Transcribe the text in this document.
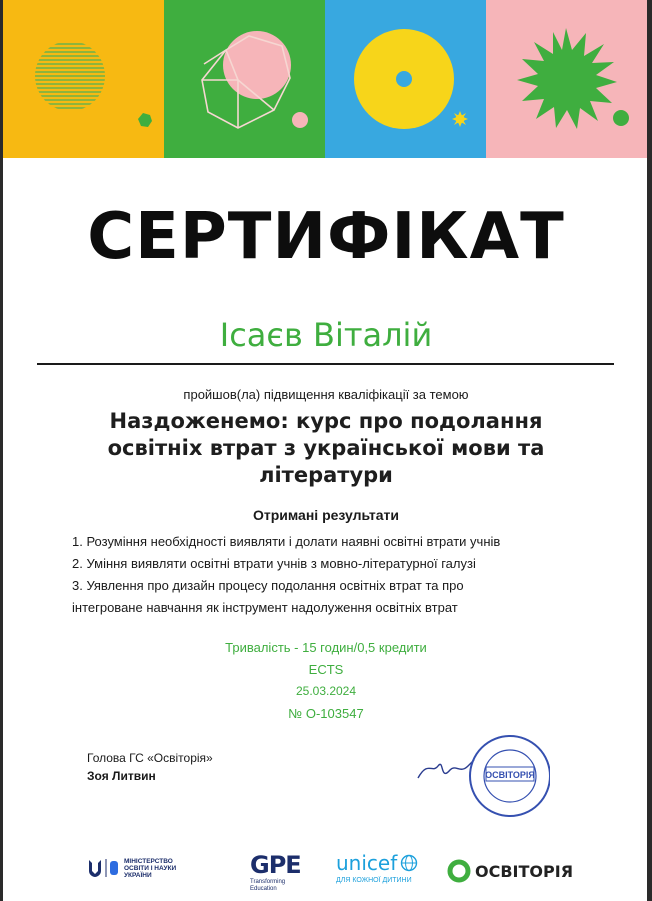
СЕРТИФІКАТ
Ісаєв Віталій
пройшов(ла) підвищення кваліфікації за темою
Наздоженемо: курс про подолання
освітніх втрат з української мови та
літератури
Отримані результати
1. Розуміння необхідності виявляти і долати наявні освітні втрати учнів
2. Уміння виявляти освітні втрати учнів з мовно-літературної галузі
3. Уявлення про дизайн процесу подолання освітніх втрат та про
інтегроване навчання як інструмент надолуження освітніх втрат
Тривалість - 15 годин/0,5 кредити
ECTS
25.03.2024
№ О-103547
Голова ГС «Освіторія»
Зоя Литвин	ОСВІТОРІЯ
МІНІСТЕРСТВО
ОСВІТИ І НАУКИ
УКРАЇНИ	GPE
Transforming
Education
unicef
ДЛЯ КОЖНОЇ ДИТИНИ	ОСВІТОРІЯ
